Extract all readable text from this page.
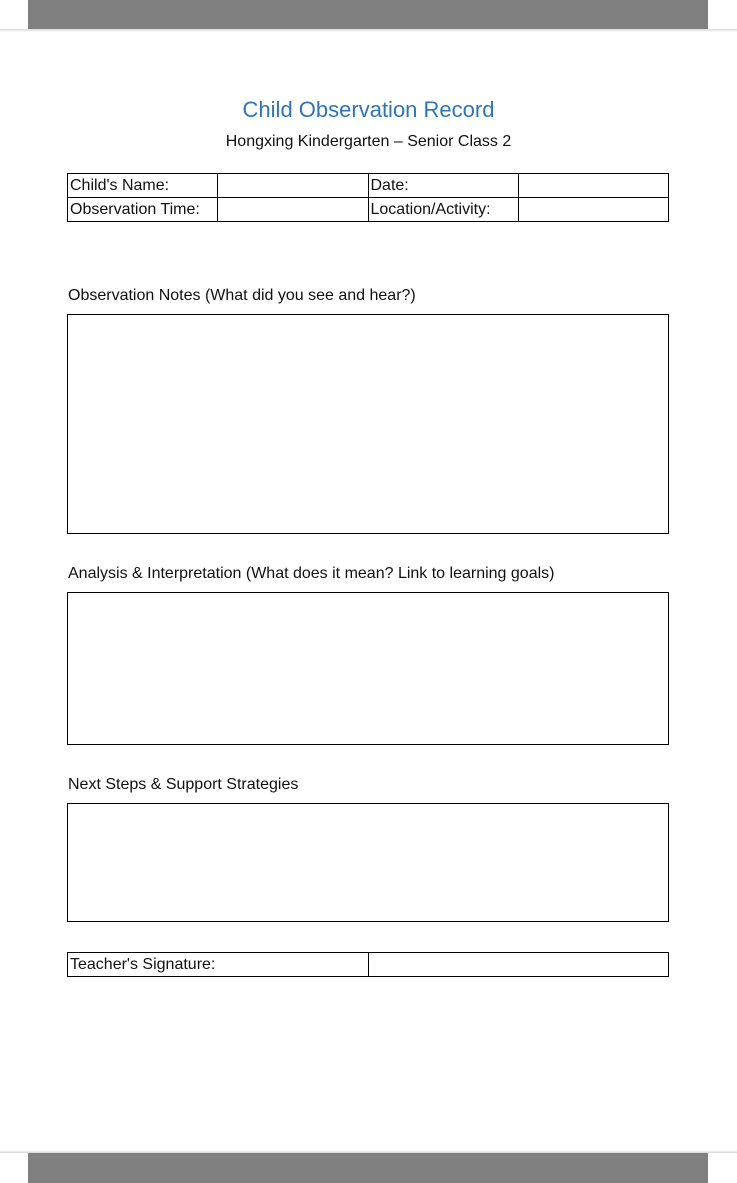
Child Observation Record
Hongxing Kindergarten – Senior Class 2
Child's Name:		Date:	
Observation Time:		Location/Activity:	
Observation Notes (What did you see and hear?)
Analysis & Interpretation (What does it mean? Link to learning goals)
Next Steps & Support Strategies
Teacher's Signature:	
